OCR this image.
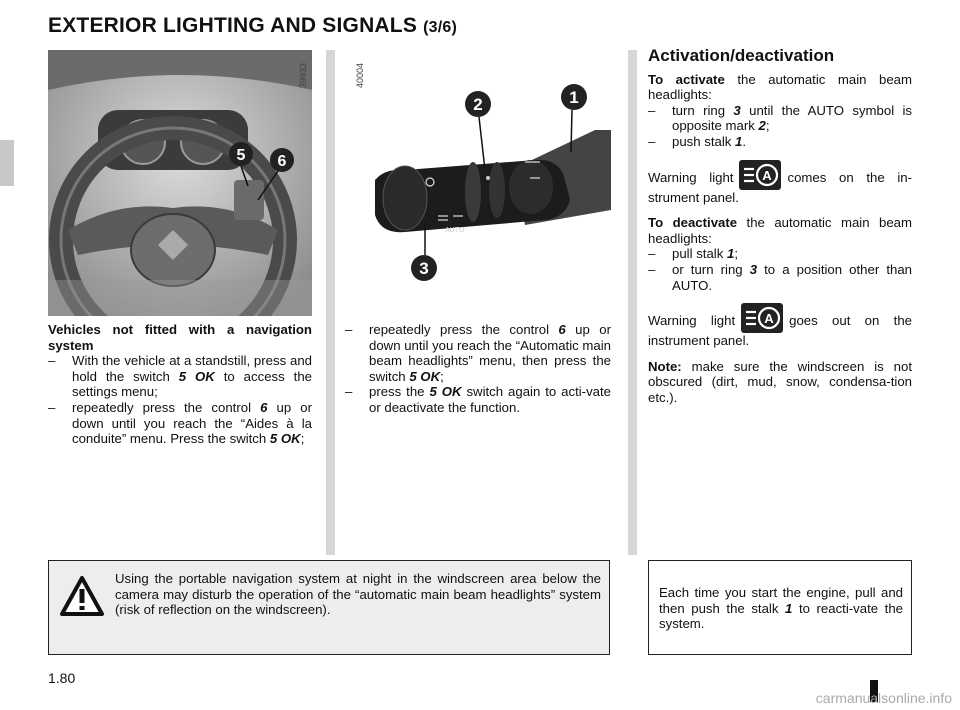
EXTERIOR LIGHTING AND SIGNALS (3/6)
5 6
39933
AUTO
2	1
3
40004

Vehicles not fitted with a navigation system

– With the vehicle at a standstill, press and hold the switch 5 OK to access the settings menu;
– repeatedly press the control 6 up or down until you reach the “Aides à la conduite” menu. Press the switch 5 OK;
– repeatedly press the control 6 up or down until you reach the “Automatic main beam headlights” menu, then press the switch 5 OK;
– press the 5 OK switch again to acti-vate or deactivate the function.

Activation/deactivation

To activate the automatic main beam headlights:

– turn ring 3 until the AUTO symbol is opposite mark 2;
– push stalk 1.

Warning light A comes on the in-strument panel.

To deactivate the automatic main beam headlights:

– pull stalk 1;
– or turn ring 3 to a position other than AUTO.

Warning light A goes out on the instrument panel.

Note: make sure the windscreen is not obscured (dirt, mud, snow, condensa-tion etc.).

Using the portable navigation system at night in the windscreen area below the camera may disturb the operation of the “automatic main beam headlights” system (risk of reflection on the windscreen).
Each time you start the engine, pull and then push the stalk 1 to reacti-vate the system.
1.80
carmanualsonline.info
